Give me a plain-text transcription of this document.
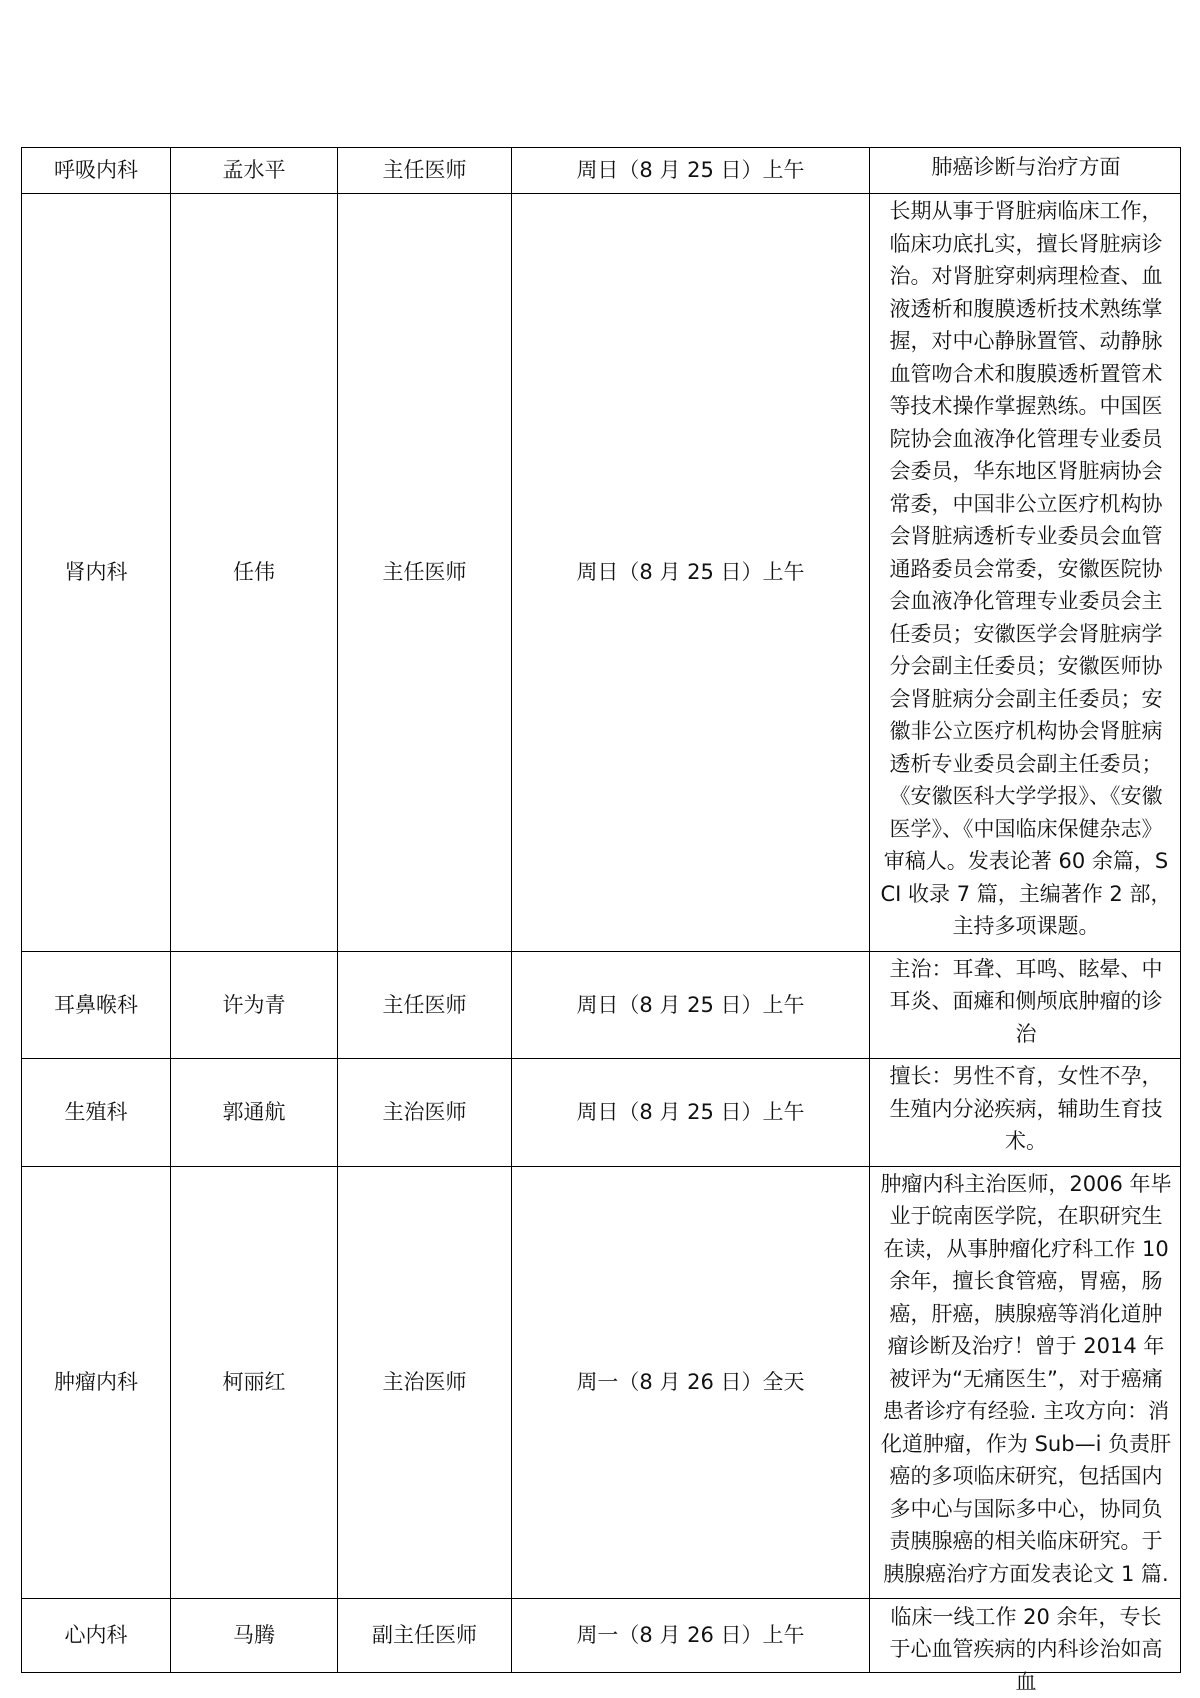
呼吸内科	孟水平	主任医师	周日（8 月 25 日）上午	肺癌诊断与治疗方面
肾内科	任伟	主任医师	周日（8 月 25 日）上午	长期从事于肾脏病临床工作，临床功底扎实，擅长肾脏病诊治。对肾脏穿刺病理检查、血液透析和腹膜透析技术熟练掌握，对中心静脉置管、动静脉血管吻合术和腹膜透析置管术等技术操作掌握熟练。中国医院协会血液净化管理专业委员会委员，华东地区肾脏病协会常委，中国非公立医疗机构协会肾脏病透析专业委员会血管通路委员会常委，安徽医院协会血液净化管理专业委员会主任委员；安徽医学会肾脏病学分会副主任委员；安徽医师协会肾脏病分会副主任委员；安徽非公立医疗机构协会肾脏病透析专业委员会副主任委员；《安徽医科大学学报》、《安徽医学》、《中国临床保健杂志》审稿人。发表论著 60 余篇，SCI 收录 7 篇，主编著作 2 部，主持多项课题。
耳鼻喉科	许为青	主任医师	周日（8 月 25 日）上午	主治：耳聋、耳鸣、眩晕、中耳炎、面瘫和侧颅底肿瘤的诊治
生殖科	郭通航	主治医师	周日（8 月 25 日）上午	擅长：男性不育，女性不孕，生殖内分泌疾病，辅助生育技术。
肿瘤内科	柯丽红	主治医师	周一（8 月 26 日）全天	肿瘤内科主治医师，2006 年毕业于皖南医学院，在职研究生在读，从事肿瘤化疗科工作 10 余年，擅长食管癌，胃癌，肠癌，肝癌，胰腺癌等消化道肿瘤诊断及治疗！曾于 2014 年被评为“无痛医生”，对于癌痛患者诊疗有经验. 主攻方向：消化道肿瘤，作为 Sub—i 负责肝癌的多项临床研究，包括国内多中心与国际多中心，协同负责胰腺癌的相关临床研究。于胰腺癌治疗方面发表论文 1 篇.
心内科	马腾	副主任医师	周一（8 月 26 日）上午	临床一线工作 20 余年，专长于心血管疾病的内科诊治如高血
